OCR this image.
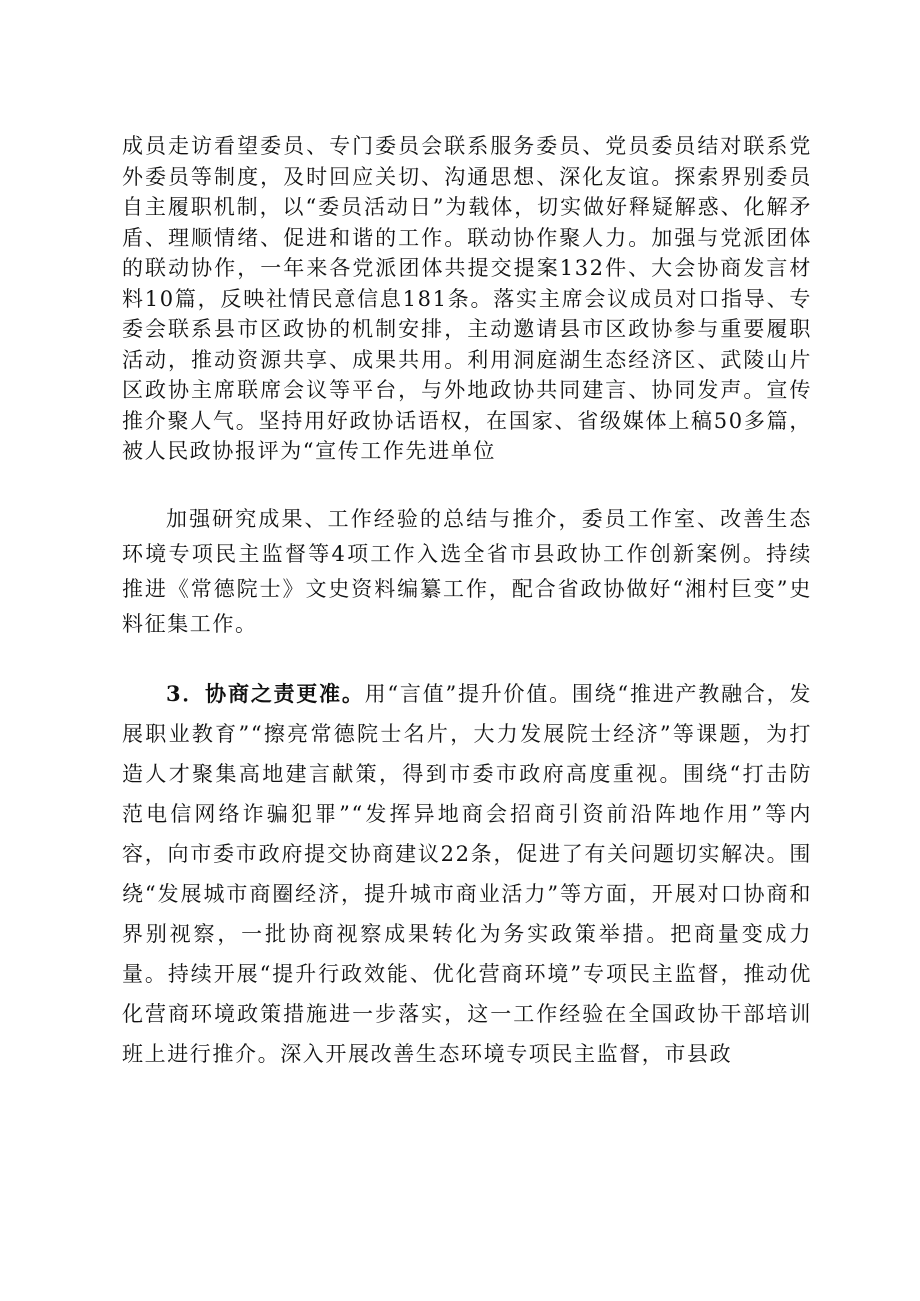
成员走访看望委员、专门委员会联系服务委员、党员委员结对联系党外委员等制度，及时回应关切、沟通思想、深化友谊。探索界别委员自主履职机制，以“委员活动日”为载体，切实做好释疑解惑、化解矛盾、理顺情绪、促进和谐的工作。联动协作聚人力。加强与党派团体的联动协作，一年来各党派团体共提交提案132件、大会协商发言材料10篇，反映社情民意信息181条。落实主席会议成员对口指导、专委会联系县市区政协的机制安排，主动邀请县市区政协参与重要履职活动，推动资源共享、成果共用。利用洞庭湖生态经济区、武陵山片区政协主席联席会议等平台，与外地政协共同建言、协同发声。宣传推介聚人气。坚持用好政协话语权，在国家、省级媒体上稿50多篇，被人民政协报评为“宣传工作先进单位

加强研究成果、工作经验的总结与推介，委员工作室、改善生态环境专项民主监督等4项工作入选全省市县政协工作创新案例。持续推进《常德院士》文史资料编纂工作，配合省政协做好“湘村巨变”史料征集工作。

3．协商之责更准。用“言值”提升价值。围绕“推进产教融合，发展职业教育”“擦亮常德院士名片，大力发展院士经济”等课题，为打造人才聚集高地建言献策，得到市委市政府高度重视。围绕“打击防范电信网络诈骗犯罪”“发挥异地商会招商引资前沿阵地作用”等内容，向市委市政府提交协商建议22条，促进了有关问题切实解决。围绕“发展城市商圈经济，提升城市商业活力”等方面，开展对口协商和界别视察，一批协商视察成果转化为务实政策举措。把商量变成力量。持续开展“提升行政效能、优化营商环境”专项民主监督，推动优化营商环境政策措施进一步落实，这一工作经验在全国政协干部培训班上进行推介。深入开展改善生态环境专项民主监督，市县政
